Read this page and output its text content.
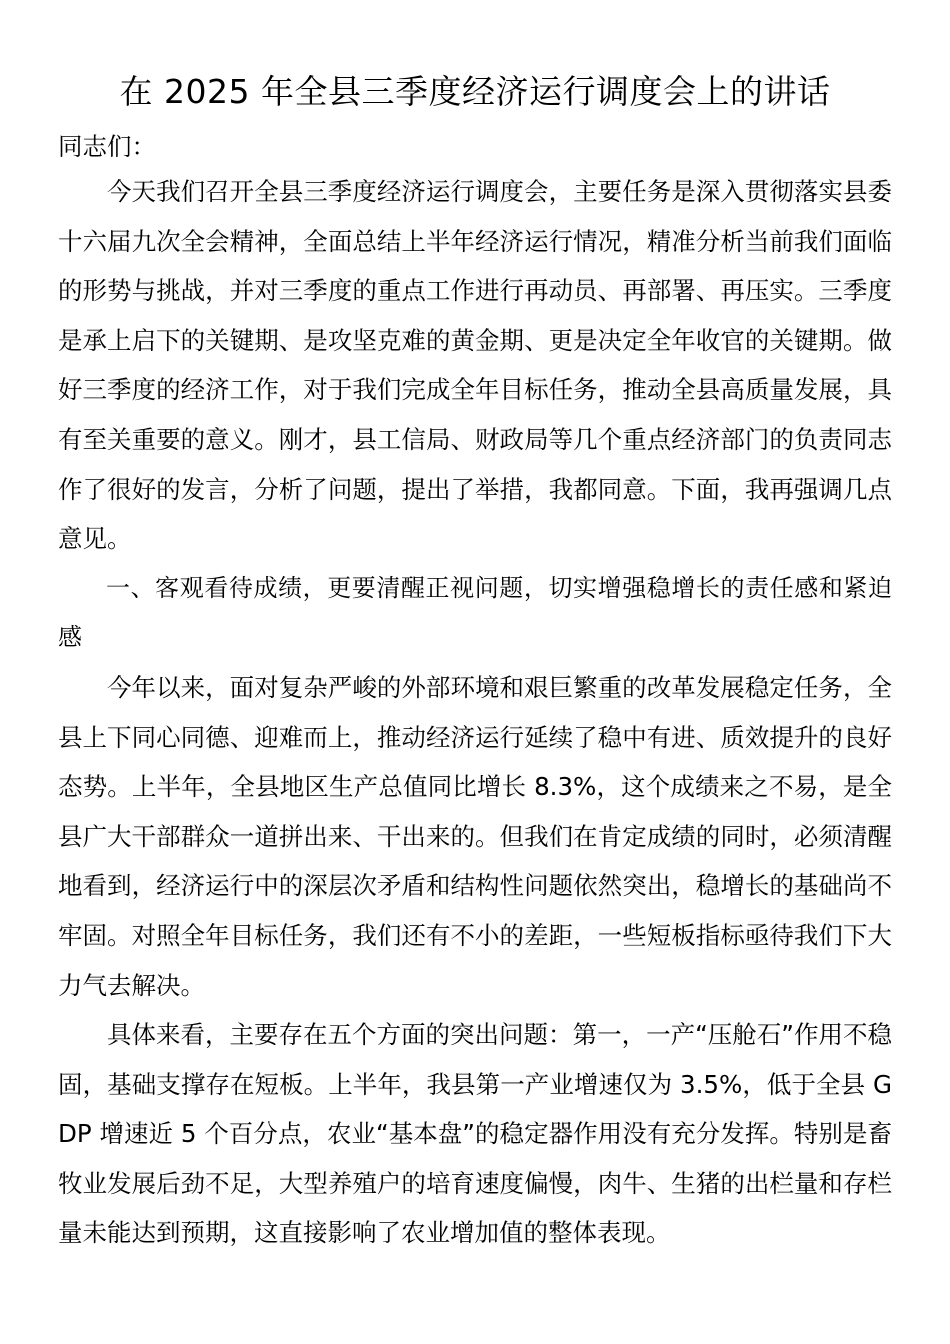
在 2025 年全县三季度经济运行调度会上的讲话

同志们：

今天我们召开全县三季度经济运行调度会，主要任务是深入贯彻落实县委十六届九次全会精神，全面总结上半年经济运行情况，精准分析当前我们面临的形势与挑战，并对三季度的重点工作进行再动员、再部署、再压实。三季度是承上启下的关键期、是攻坚克难的黄金期、更是决定全年收官的关键期。做好三季度的经济工作，对于我们完成全年目标任务，推动全县高质量发展，具有至关重要的意义。刚才，县工信局、财政局等几个重点经济部门的负责同志作了很好的发言，分析了问题，提出了举措，我都同意。下面，我再强调几点意见。

一、客观看待成绩，更要清醒正视问题，切实增强稳增长的责任感和紧迫感

今年以来，面对复杂严峻的外部环境和艰巨繁重的改革发展稳定任务，全县上下同心同德、迎难而上，推动经济运行延续了稳中有进、质效提升的良好态势。上半年，全县地区生产总值同比增长 8.3%，这个成绩来之不易，是全县广大干部群众一道拼出来、干出来的。但我们在肯定成绩的同时，必须清醒地看到，经济运行中的深层次矛盾和结构性问题依然突出，稳增长的基础尚不牢固。对照全年目标任务，我们还有不小的差距，一些短板指标亟待我们下大力气去解决。

具体来看，主要存在五个方面的突出问题：第一，一产“压舱石”作用不稳固，基础支撑存在短板。上半年，我县第一产业增速仅为 3.5%，低于全县 GDP 增速近 5 个百分点，农业“基本盘”的稳定器作用没有充分发挥。特别是畜牧业发展后劲不足，大型养殖户的培育速度偏慢，肉牛、生猪的出栏量和存栏量未能达到预期，这直接影响了农业增加值的整体表现。
